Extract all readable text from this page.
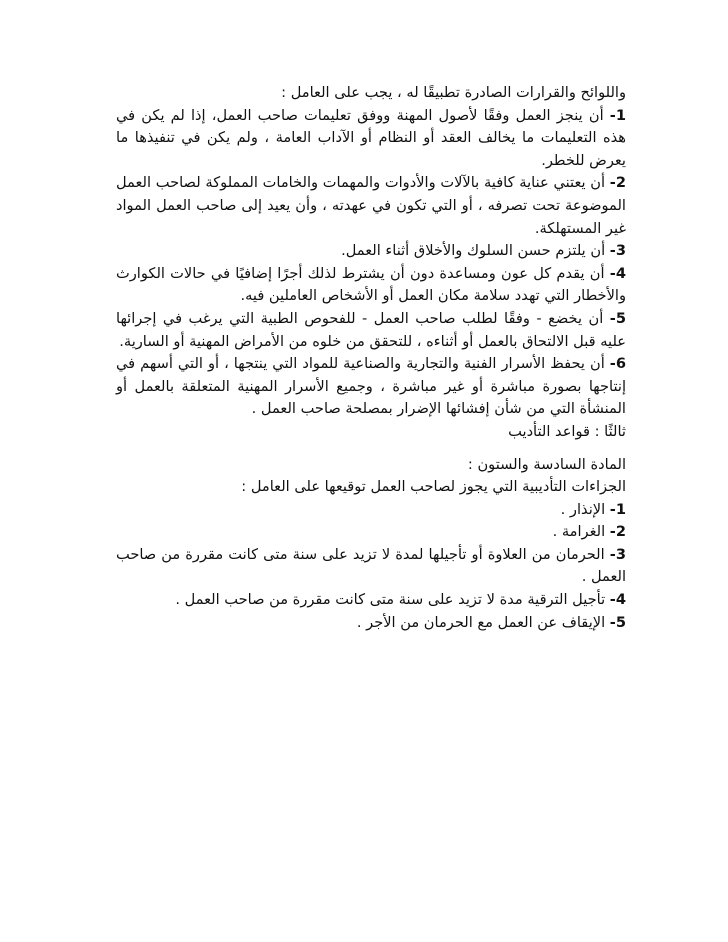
واللوائح والقرارات الصادرة تطبيقًا له ، يجب على العامل :

1- أن ينجز العمل وفقًا لأصول المهنة ووفق تعليمات صاحب العمل، إذا لم يكن في هذه التعليمات ما يخالف العقد أو النظام أو الآداب العامة ، ولم يكن في تنفيذها ما يعرض للخطر.

2- أن يعتني عناية كافية بالآلات والأدوات والمهمات والخامات المملوكة لصاحب العمل الموضوعة تحت تصرفه ، أو التي تكون في عهدته ، وأن يعيد إلى صاحب العمل المواد غير المستهلكة.

3- أن يلتزم حسن السلوك والأخلاق أثناء العمل.

4- أن يقدم كل عون ومساعدة دون أن يشترط لذلك أجرًا إضافيًا في حالات الكوارث والأخطار التي تهدد سلامة مكان العمل أو الأشخاص العاملين فيه.

5- أن يخضع - وفقًا لطلب صاحب العمل - للفحوص الطبية التي يرغب في إجرائها عليه قبل الالتحاق بالعمل أو أثناءه ، للتحقق من خلوه من الأمراض المهنية أو السارية.

6- أن يحفظ الأسرار الفنية والتجارية والصناعية للمواد التي ينتجها ، أو التي أسهم في إنتاجها بصورة مباشرة أو غير مباشرة ، وجميع الأسرار المهنية المتعلقة بالعمل أو المنشأة التي من شأن إفشائها الإضرار بمصلحة صاحب العمل .

ثالثًا : قواعد التأديب

المادة السادسة والستون :

الجزاءات التأديبية التي يجوز لصاحب العمل توقيعها على العامل :

1- الإنذار .

2- الغرامة .

3- الحرمان من العلاوة أو تأجيلها لمدة لا تزيد على سنة متى كانت مقررة من صاحب العمل .

4- تأجيل الترقية مدة لا تزيد على سنة متى كانت مقررة من صاحب العمل .

5- الإيقاف عن العمل مع الحرمان من الأجر .
